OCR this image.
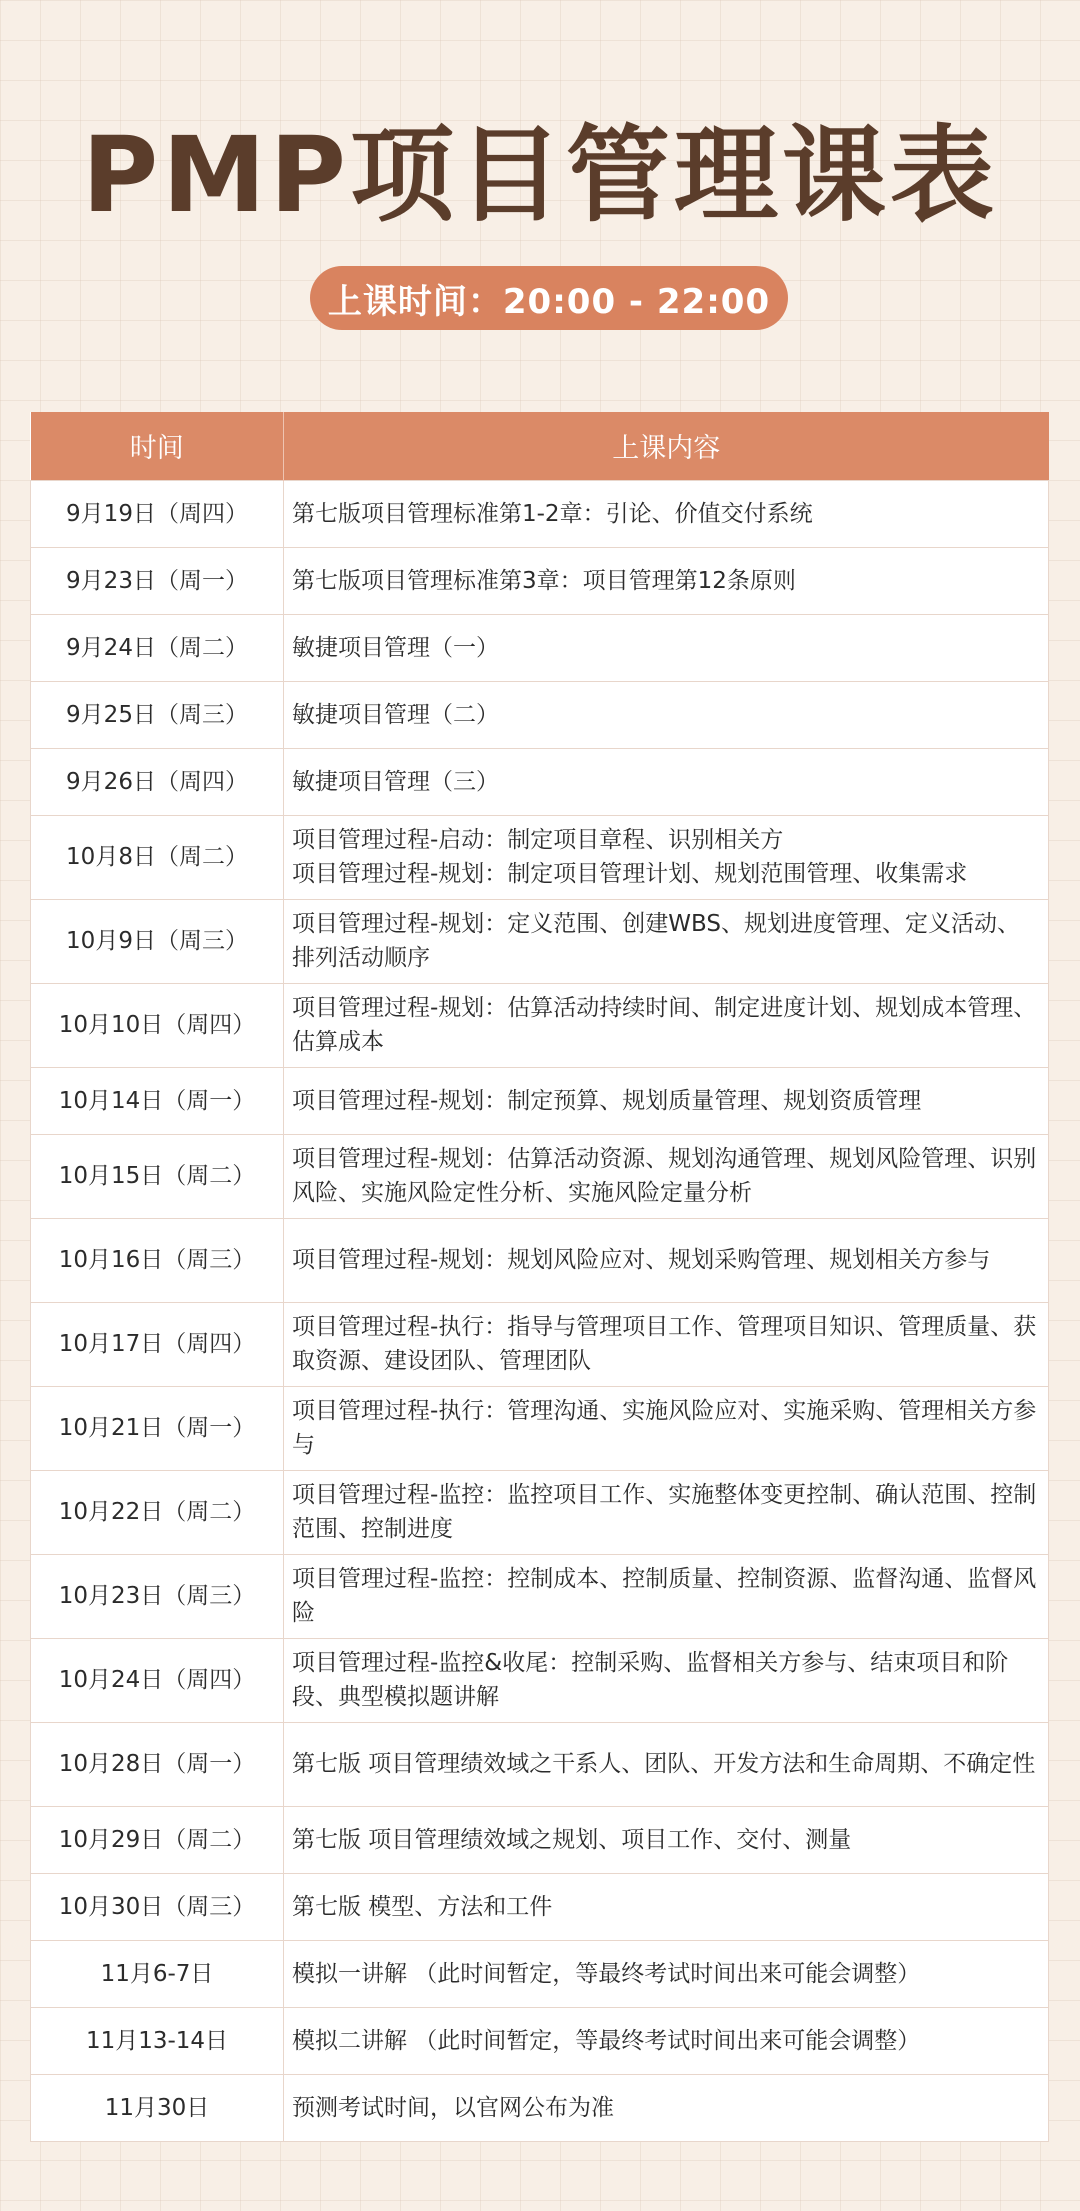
PMP项目管理课表
上课时间：20:00 - 22:00
时间	上课内容
9月19日（周四）	第七版项目管理标准第1-2章：引论、价值交付系统
9月23日（周一）	第七版项目管理标准第3章：项目管理第12条原则
9月24日（周二）	敏捷项目管理（一）
9月25日（周三）	敏捷项目管理（二）
9月26日（周四）	敏捷项目管理（三）
10月8日（周二）	项目管理过程-启动：制定项目章程、识别相关方
项目管理过程-规划：制定项目管理计划、规划范围管理、收集需求
10月9日（周三）	项目管理过程-规划：定义范围、创建WBS、规划进度管理、定义活动、排列活动顺序
10月10日（周四）	项目管理过程-规划：估算活动持续时间、制定进度计划、规划成本管理、估算成本
10月14日（周一）	项目管理过程-规划：制定预算、规划质量管理、规划资质管理
10月15日（周二）	项目管理过程-规划：估算活动资源、规划沟通管理、规划风险管理、识别风险、实施风险定性分析、实施风险定量分析
10月16日（周三）	项目管理过程-规划：规划风险应对、规划采购管理、规划相关方参与
10月17日（周四）	项目管理过程-执行：指导与管理项目工作、管理项目知识、管理质量、获取资源、建设团队、管理团队
10月21日（周一）	项目管理过程-执行：管理沟通、实施风险应对、实施采购、管理相关方参与
10月22日（周二）	项目管理过程-监控：监控项目工作、实施整体变更控制、确认范围、控制范围、控制进度
10月23日（周三）	项目管理过程-监控：控制成本、控制质量、控制资源、监督沟通、监督风险
10月24日（周四）	项目管理过程-监控&收尾：控制采购、监督相关方参与、结束项目和阶段、典型模拟题讲解
10月28日（周一）	第七版 项目管理绩效域之干系人、团队、开发方法和生命周期、不确定性
10月29日（周二）	第七版 项目管理绩效域之规划、项目工作、交付、测量
10月30日（周三）	第七版 模型、方法和工件
11月6-7日	模拟一讲解 （此时间暂定，等最终考试时间出来可能会调整）
11月13-14日	模拟二讲解 （此时间暂定，等最终考试时间出来可能会调整）
11月30日	预测考试时间，以官网公布为准
